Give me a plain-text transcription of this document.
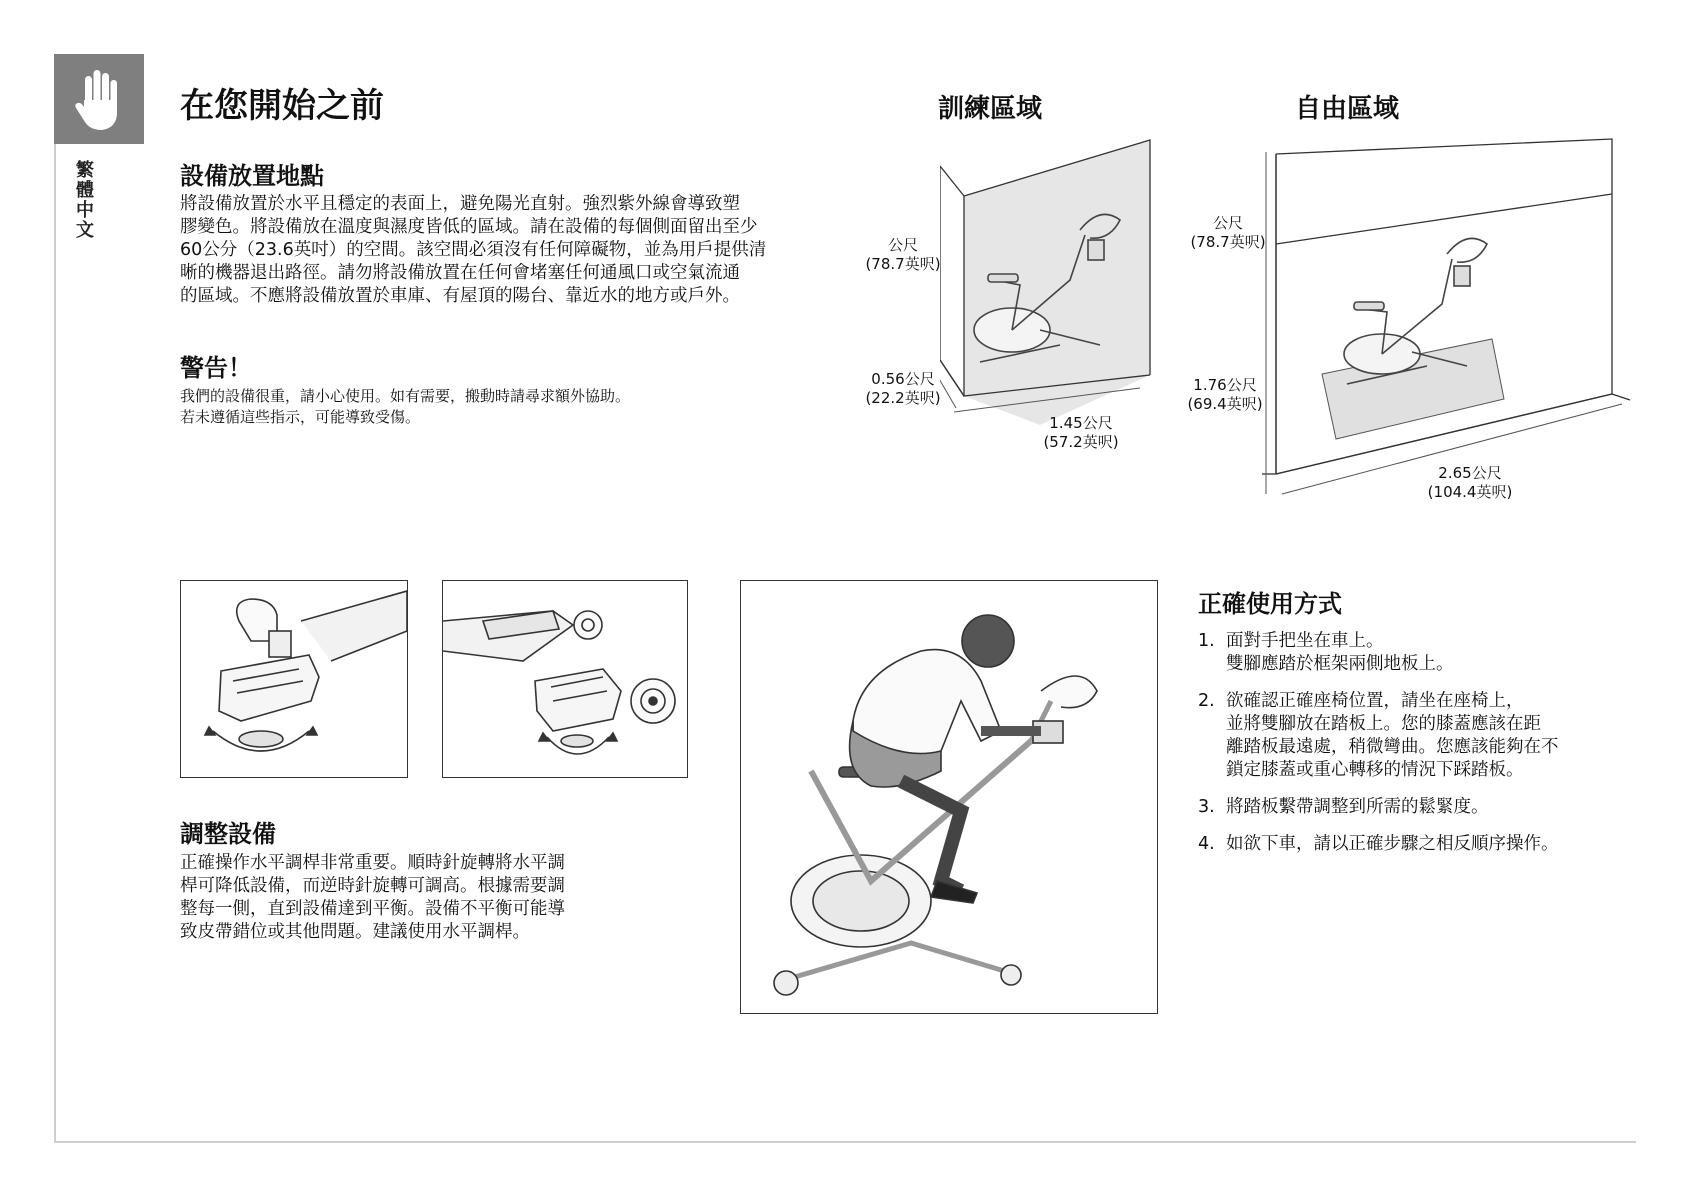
繁體中文
在您開始之前
設備放置地點
將設備放置於水平且穩定的表面上，避免陽光直射。強烈紫外線會導致塑
膠變色。將設備放在溫度與濕度皆低的區域。請在設備的每個側面留出至少
60公分（23.6英吋）的空間。該空間必須沒有任何障礙物，並為用戶提供清
晰的機器退出路徑。請勿將設備放置在任何會堵塞任何通風口或空氣流通
的區域。不應將設備放置於車庫、有屋頂的陽台、靠近水的地方或戶外。
警告！
我們的設備很重，請小心使用。如有需要，搬動時請尋求額外協助。
若未遵循這些指示，可能導致受傷。
訓練區域
公尺
(78.7英呎)
0.56公尺
(22.2英呎)
1.45公尺
(57.2英呎)
自由區域
公尺
(78.7英呎)
1.76公尺
(69.4英呎)
2.65公尺
(104.4英呎)
調整設備
正確操作水平調桿非常重要。順時針旋轉將水平調
桿可降低設備，而逆時針旋轉可調高。根據需要調
整每一側，直到設備達到平衡。設備不平衡可能導
致皮帶錯位或其他問題。建議使用水平調桿。
正確使用方式
1. 面對手把坐在車上。
雙腳應踏於框架兩側地板上。
2. 欲確認正確座椅位置，請坐在座椅上，
並將雙腳放在踏板上。您的膝蓋應該在距
離踏板最遠處，稍微彎曲。您應該能夠在不
鎖定膝蓋或重心轉移的情況下踩踏板。
3. 將踏板繫帶調整到所需的鬆緊度。
4. 如欲下車，請以正確步驟之相反順序操作。
